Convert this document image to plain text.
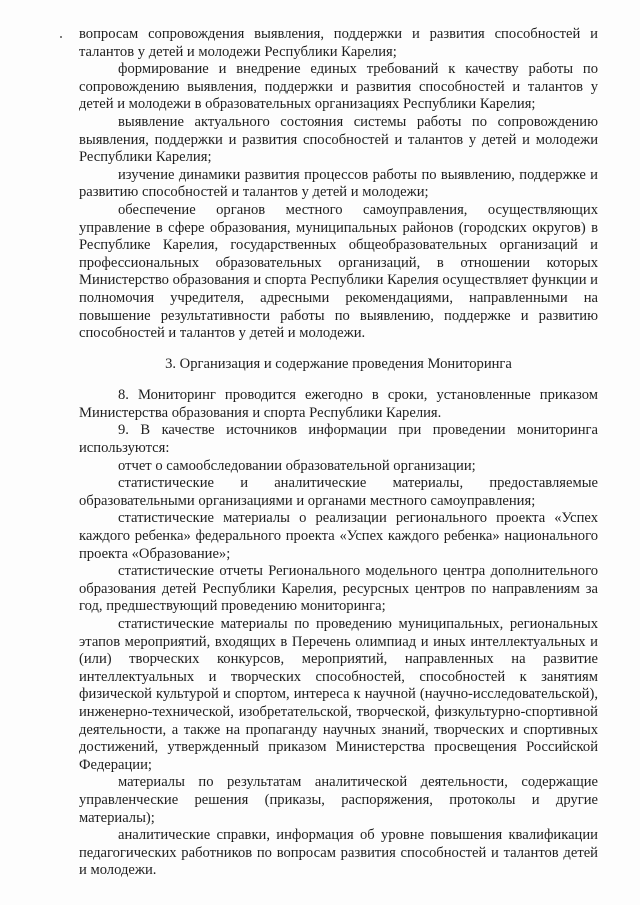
вопросам сопровождения выявления, поддержки и развития способностей и талантов у детей и молодежи Республики Карелия;

формирование и внедрение единых требований к качеству работы по сопровождению выявления, поддержки и развития способностей и талантов у детей и молодежи в образовательных организациях Республики Карелия;

выявление актуального состояния системы работы по сопровождению выявления, поддержки и развития способностей и талантов у детей и молодежи Республики Карелия;

изучение динамики развития процессов работы по выявлению, поддержке и развитию способностей и талантов у детей и молодежи;

обеспечение органов местного самоуправления, осуществляющих управление в сфере образования, муниципальных районов (городских округов) в Республике Карелия, государственных общеобразовательных организаций и профессиональных образовательных организаций, в отношении которых Министерство образования и спорта Республики Карелия осуществляет функции и полномочия учредителя, адресными рекомендациями, направленными на повышение результативности работы по выявлению, поддержке и развитию способностей и талантов у детей и молодежи.

3. Организация и содержание проведения Мониторинга

8. Мониторинг проводится ежегодно в сроки, установленные приказом Министерства образования и спорта Республики Карелия.

9. В качестве источников информации при проведении мониторинга используются:

отчет о самообследовании образовательной организации;

статистические и аналитические материалы, предоставляемые образовательными организациями и органами местного самоуправления;

статистические материалы о реализации регионального проекта «Успех каждого ребенка» федерального проекта «Успех каждого ребенка» национального проекта «Образование»;

статистические отчеты Регионального модельного центра дополнительного образования детей Республики Карелия, ресурсных центров по направлениям за год, предшествующий проведению мониторинга;

статистические материалы по проведению муниципальных, региональных этапов мероприятий, входящих в Перечень олимпиад и иных интеллектуальных и (или) творческих конкурсов, мероприятий, направленных на развитие интеллектуальных и творческих способностей, способностей к занятиям физической культурой и спортом, интереса к научной (научно-исследовательской), инженерно-технической, изобретательской, творческой, физкультурно-спортивной деятельности, а также на пропаганду научных знаний, творческих и спортивных достижений, утвержденный приказом Министерства просвещения Российской Федерации;

материалы по результатам аналитической деятельности, содержащие управленческие решения (приказы, распоряжения, протоколы и другие материалы);

аналитические справки, информация об уровне повышения квалификации педагогических работников по вопросам развития способностей и талантов детей и молодежи.
